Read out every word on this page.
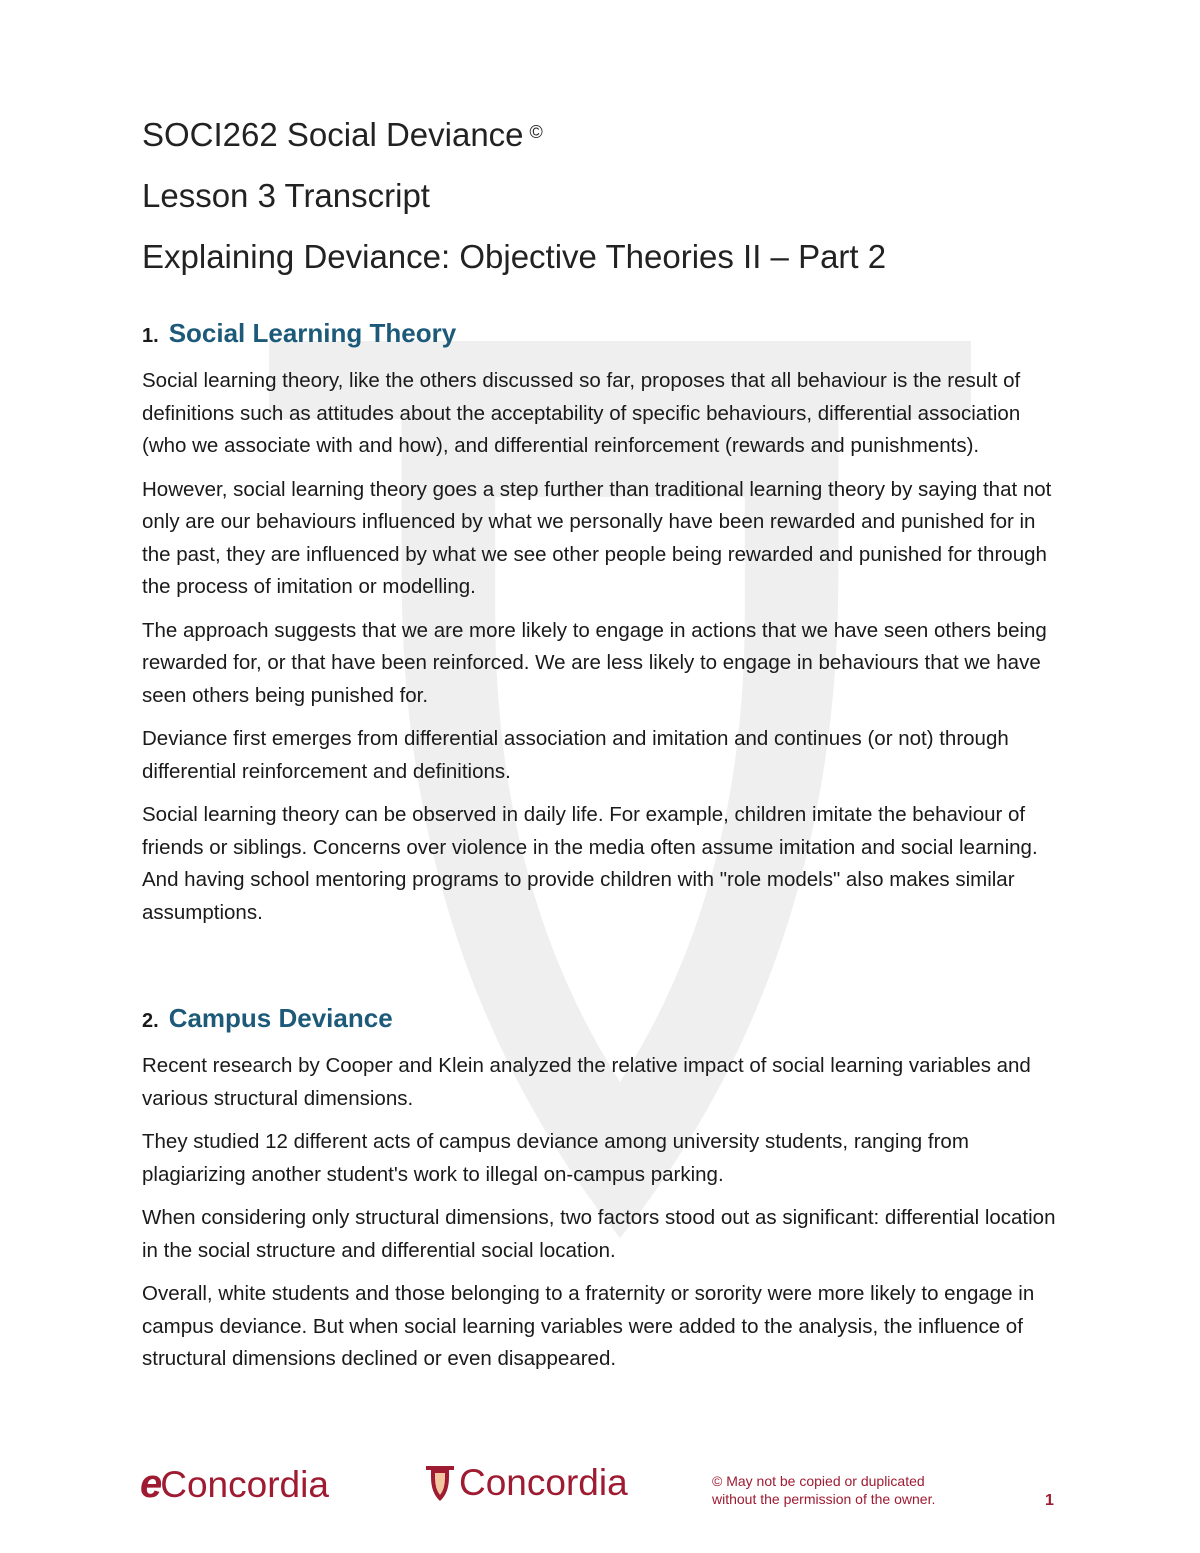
SOCI262 Social Deviance ©
Lesson 3 Transcript
Explaining Deviance: Objective Theories II – Part 2
1. Social Learning Theory

Social learning theory, like the others discussed so far, proposes that all behaviour is the result of definitions such as attitudes about the acceptability of specific behaviours, differential association (who we associate with and how), and differential reinforcement (rewards and punishments).

However, social learning theory goes a step further than traditional learning theory by saying that not only are our behaviours influenced by what we personally have been rewarded and punished for in the past, they are influenced by what we see other people being rewarded and punished for through the process of imitation or modelling.

The approach suggests that we are more likely to engage in actions that we have seen others being rewarded for, or that have been reinforced. We are less likely to engage in behaviours that we have seen others being punished for.

Deviance first emerges from differential association and imitation and continues (or not) through differential reinforcement and definitions.

Social learning theory can be observed in daily life. For example, children imitate the behaviour of friends or siblings. Concerns over violence in the media often assume imitation and social learning. And having school mentoring programs to provide children with "role models" also makes similar assumptions.

2. Campus Deviance

Recent research by Cooper and Klein analyzed the relative impact of social learning variables and various structural dimensions.

They studied 12 different acts of campus deviance among university students, ranging from plagiarizing another student's work to illegal on-campus parking.

When considering only structural dimensions, two factors stood out as significant: differential location in the social structure and differential social location.

Overall, white students and those belonging to a fraternity or sorority were more likely to engage in campus deviance. But when social learning variables were added to the analysis, the influence of structural dimensions declined or even disappeared.

e
Concordia	Concordia	© May not be copied or duplicated
without the permission of the owner.	1
